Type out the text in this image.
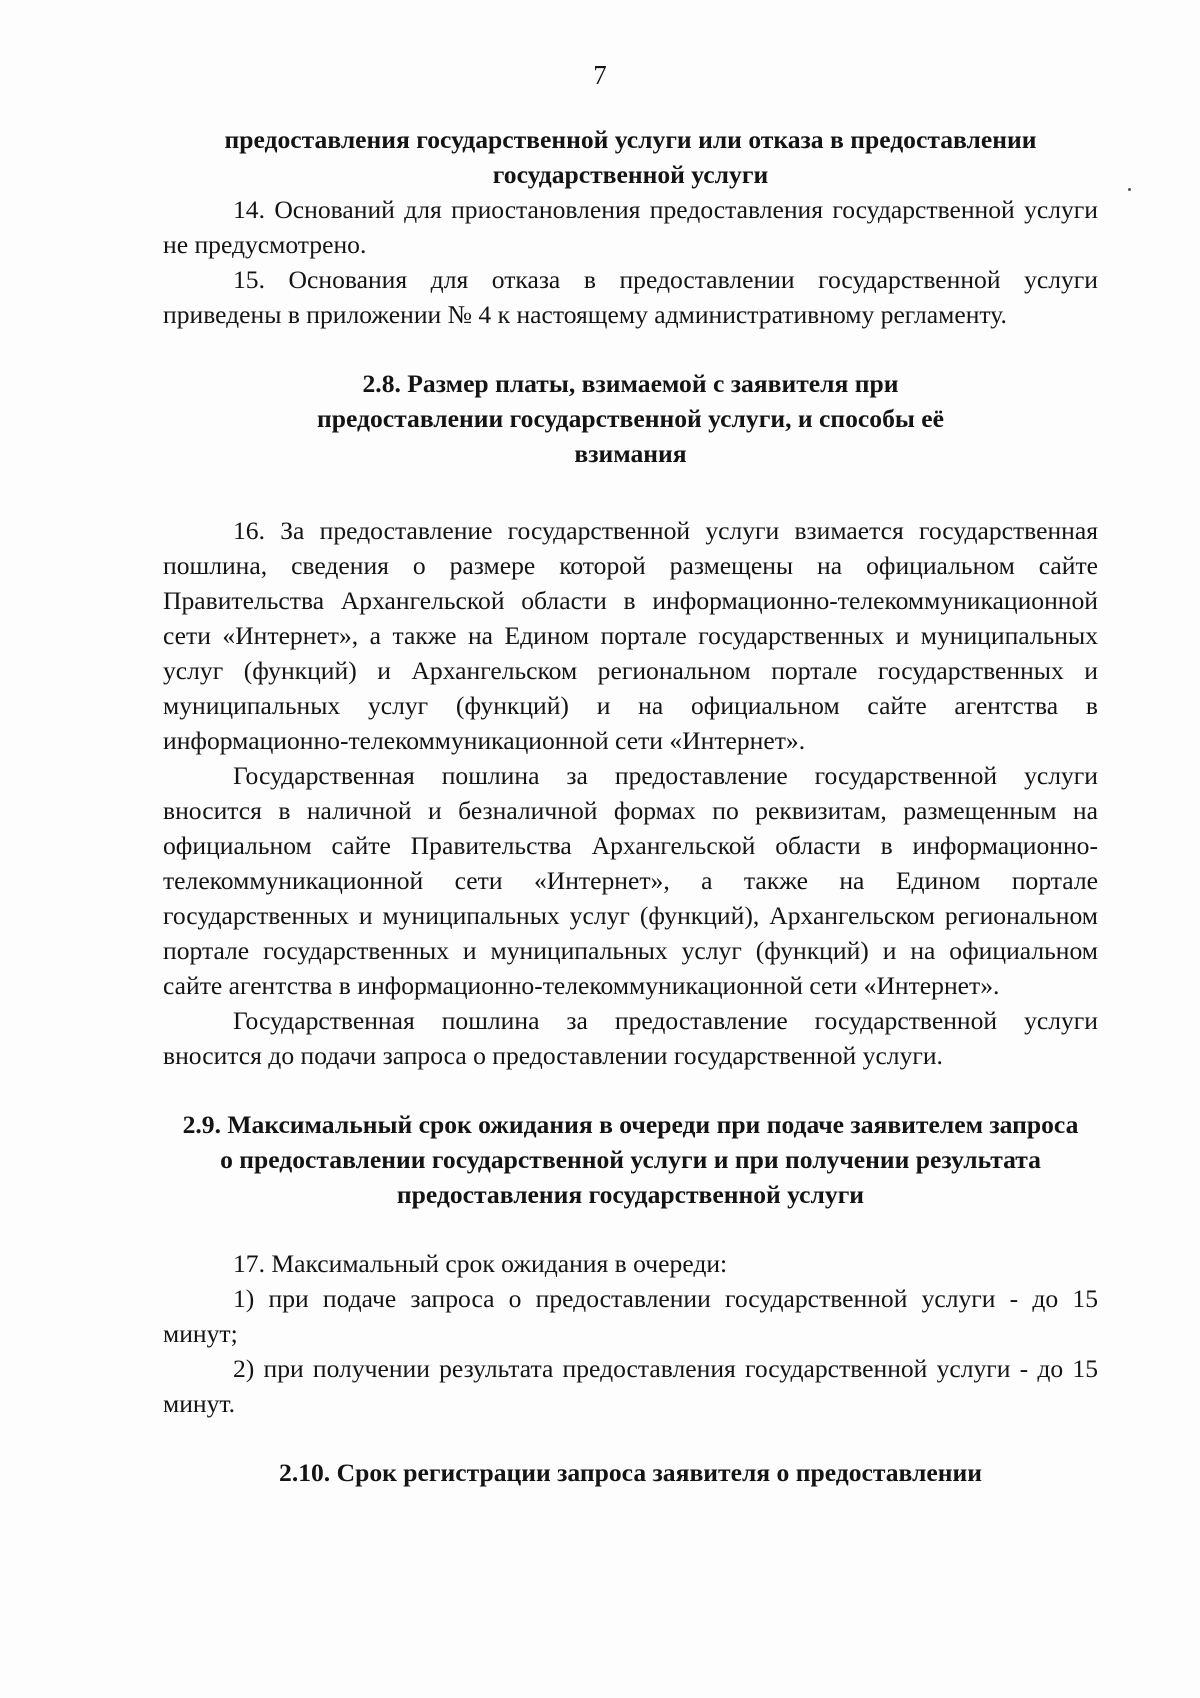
7

предоставления государственной услуги или отказа в предоставлении государственной услуги

14. Оснований для приостановления предоставления государственной услуги не предусмотрено.

15. Основания для отказа в предоставлении государственной услуги приведены в приложении № 4 к настоящему административному регламенту.

2.8. Размер платы, взимаемой с заявителя при предоставлении государственной услуги, и способы её взимания

16. За предоставление государственной услуги взимается государственная пошлина, сведения о размере которой размещены на официальном сайте Правительства Архангельской области в информационно-телекоммуникационной сети «Интернет», а также на Едином портале государственных и муниципальных услуг (функций) и Архангельском региональном портале государственных и муниципальных услуг (функций) и на официальном сайте агентства в информационно-телекоммуникационной сети «Интернет».

Государственная пошлина за предоставление государственной услуги вносится в наличной и безналичной формах по реквизитам, размещенным на официальном сайте Правительства Архангельской области в информационно-телекоммуникационной сети «Интернет», а также на Едином портале государственных и муниципальных услуг (функций), Архангельском региональном портале государственных и муниципальных услуг (функций) и на официальном сайте агентства в информационно-телекоммуникационной сети «Интернет».

Государственная пошлина за предоставление государственной услуги вносится до подачи запроса о предоставлении государственной услуги.

2.9. Максимальный срок ожидания в очереди при подаче заявителем запроса о предоставлении государственной услуги и при получении результата предоставления государственной услуги

17. Максимальный срок ожидания в очереди:

1) при подаче запроса о предоставлении государственной услуги - до 15 минут;

2) при получении результата предоставления государственной услуги - до 15 минут.

2.10. Срок регистрации запроса заявителя о предоставлении
